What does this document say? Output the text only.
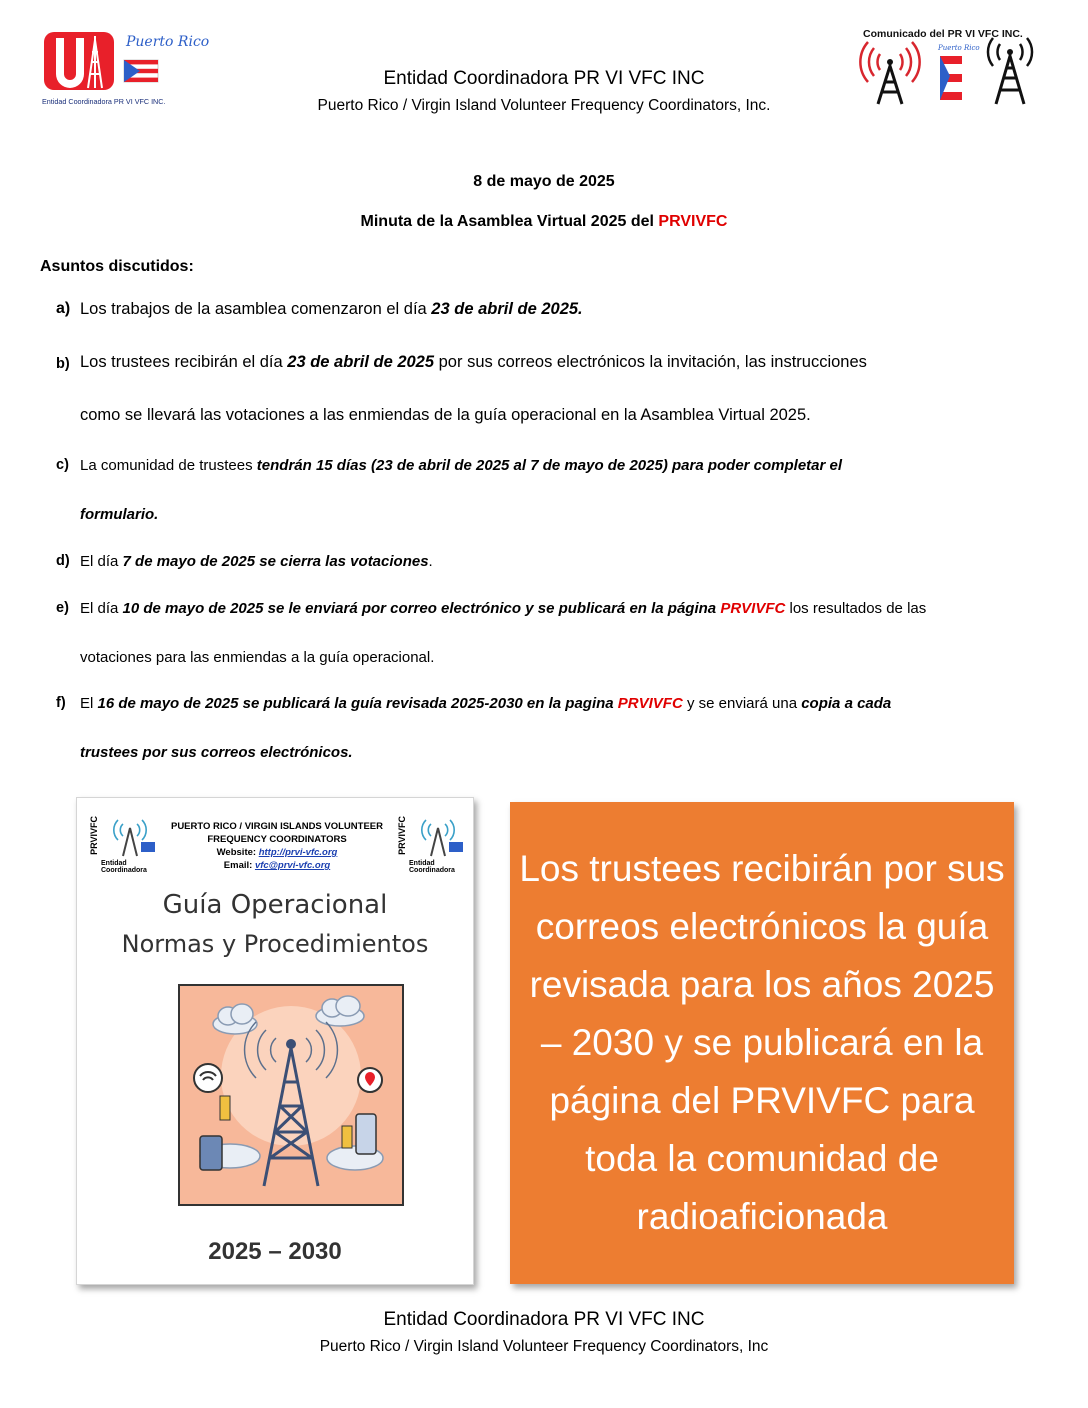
Puerto Rico
Entidad Coordinadora PR VI VFC INC.
Entidad Coordinadora PR VI VFC INC
Puerto Rico / Virgin Island Volunteer Frequency Coordinators, Inc.
Comunicado del PR VI VFC INC.
Puerto Rico
8 de mayo de 2025
Minuta de la Asamblea Virtual 2025 del PRVIVFC
Asuntos discutidos:
a) Los trabajos de la asamblea comenzaron el día 23 de abril de 2025.
b) Los trustees recibirán el día 23 de abril de 2025 por sus correos electrónicos la invitación, las instrucciones
como se llevará las votaciones a las enmiendas de la guía operacional en la Asamblea Virtual 2025.
c) La comunidad de trustees tendrán 15 días (23 de abril de 2025 al 7 de mayo de 2025) para poder completar el
formulario.
d) El día 7 de mayo de 2025 se cierra las votaciones.
e) El día 10 de mayo de 2025 se le enviará por correo electrónico y se publicará en la página PRVIVFC los resultados de las
votaciones para las enmiendas a la guía operacional.
f) El 16 de mayo de 2025 se publicará la guía revisada 2025-2030 en la pagina PRVIVFC y se enviará una copia a cada
trustees por sus correos electrónicos.
PRVIVFC
Entidad Coordinadora
PUERTO RICO / VIRGIN ISLANDS VOLUNTEER
FREQUENCY COORDINATORS
Website: http://prvi-vfc.org
Email: vfc@prvi-vfc.org
PRVIVFC
Entidad Coordinadora
Guía Operacional
Normas y Procedimientos
2025 – 2030
Los trustees recibirán por sus correos electrónicos la guía revisada para los años 2025 – 2030 y se publicará en la página del PRVIVFC para toda la comunidad de radioaficionada
Entidad Coordinadora PR VI VFC INC
Puerto Rico / Virgin Island Volunteer Frequency Coordinators, Inc
